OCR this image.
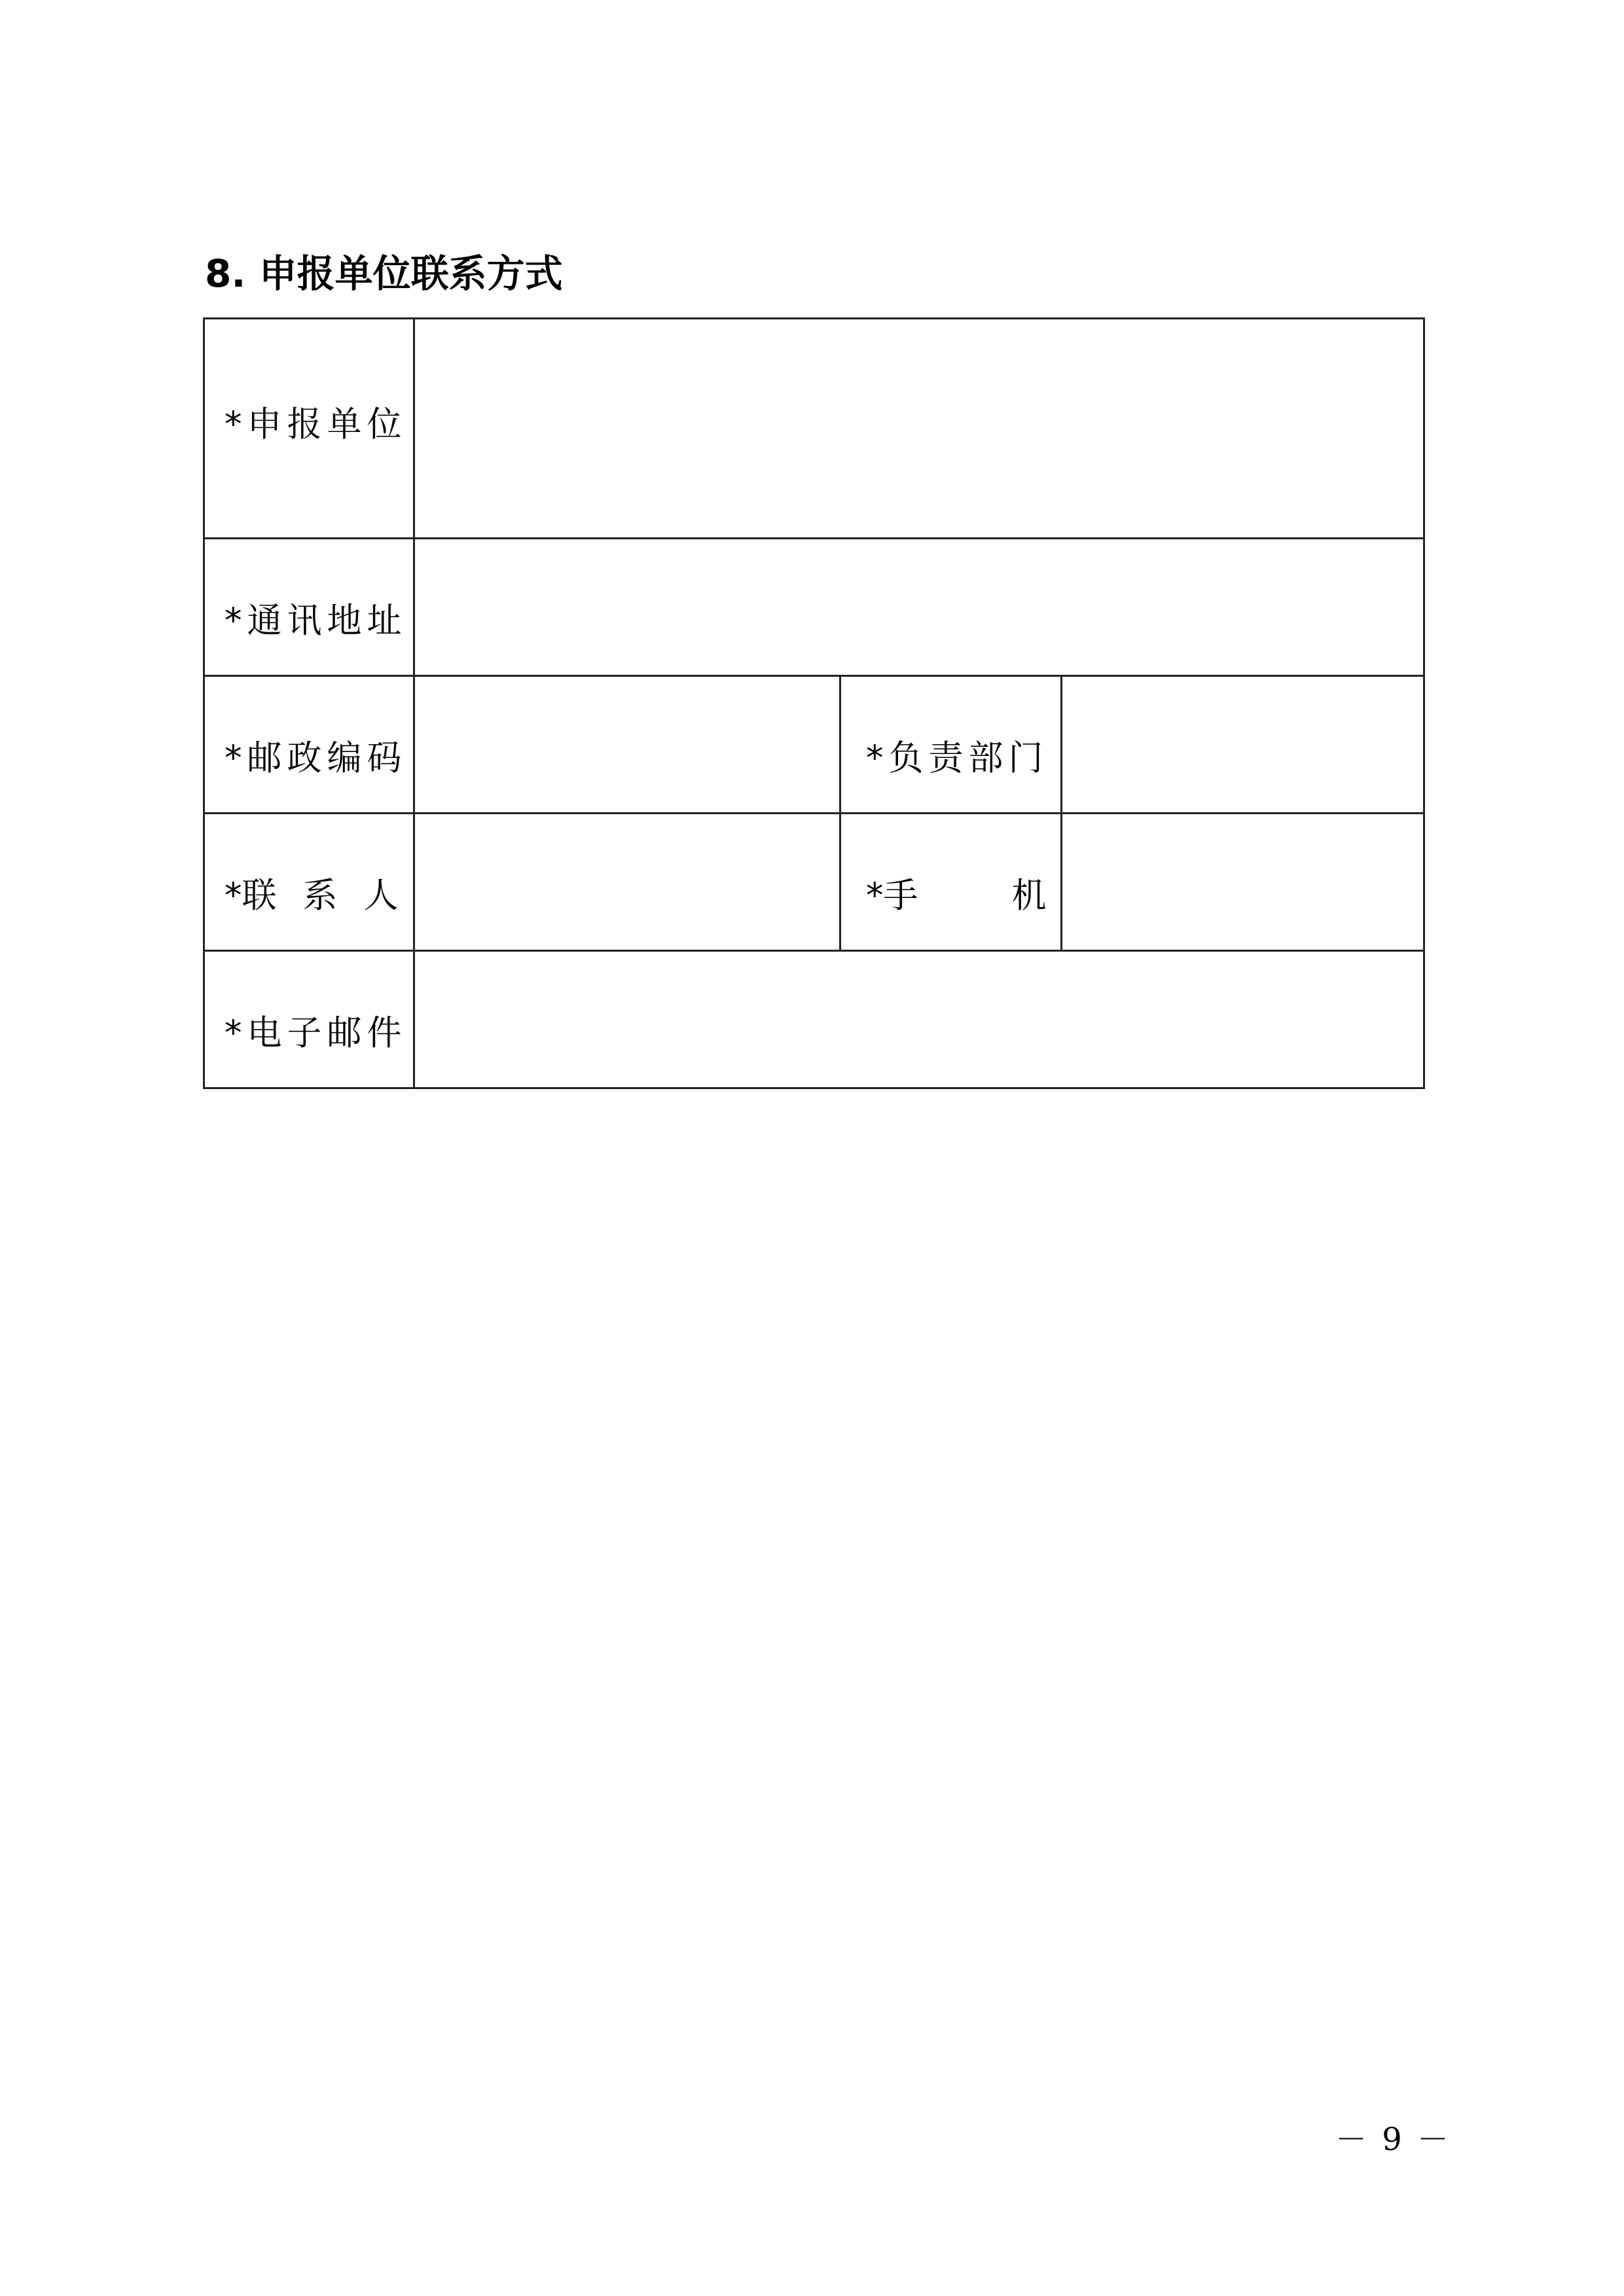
8. 申报单位联系方式
*申报单位			
*通讯地址			
*邮政编码		*负责部门	
*联 系 人		*手 机	
*电子邮件			
－ 9 －
